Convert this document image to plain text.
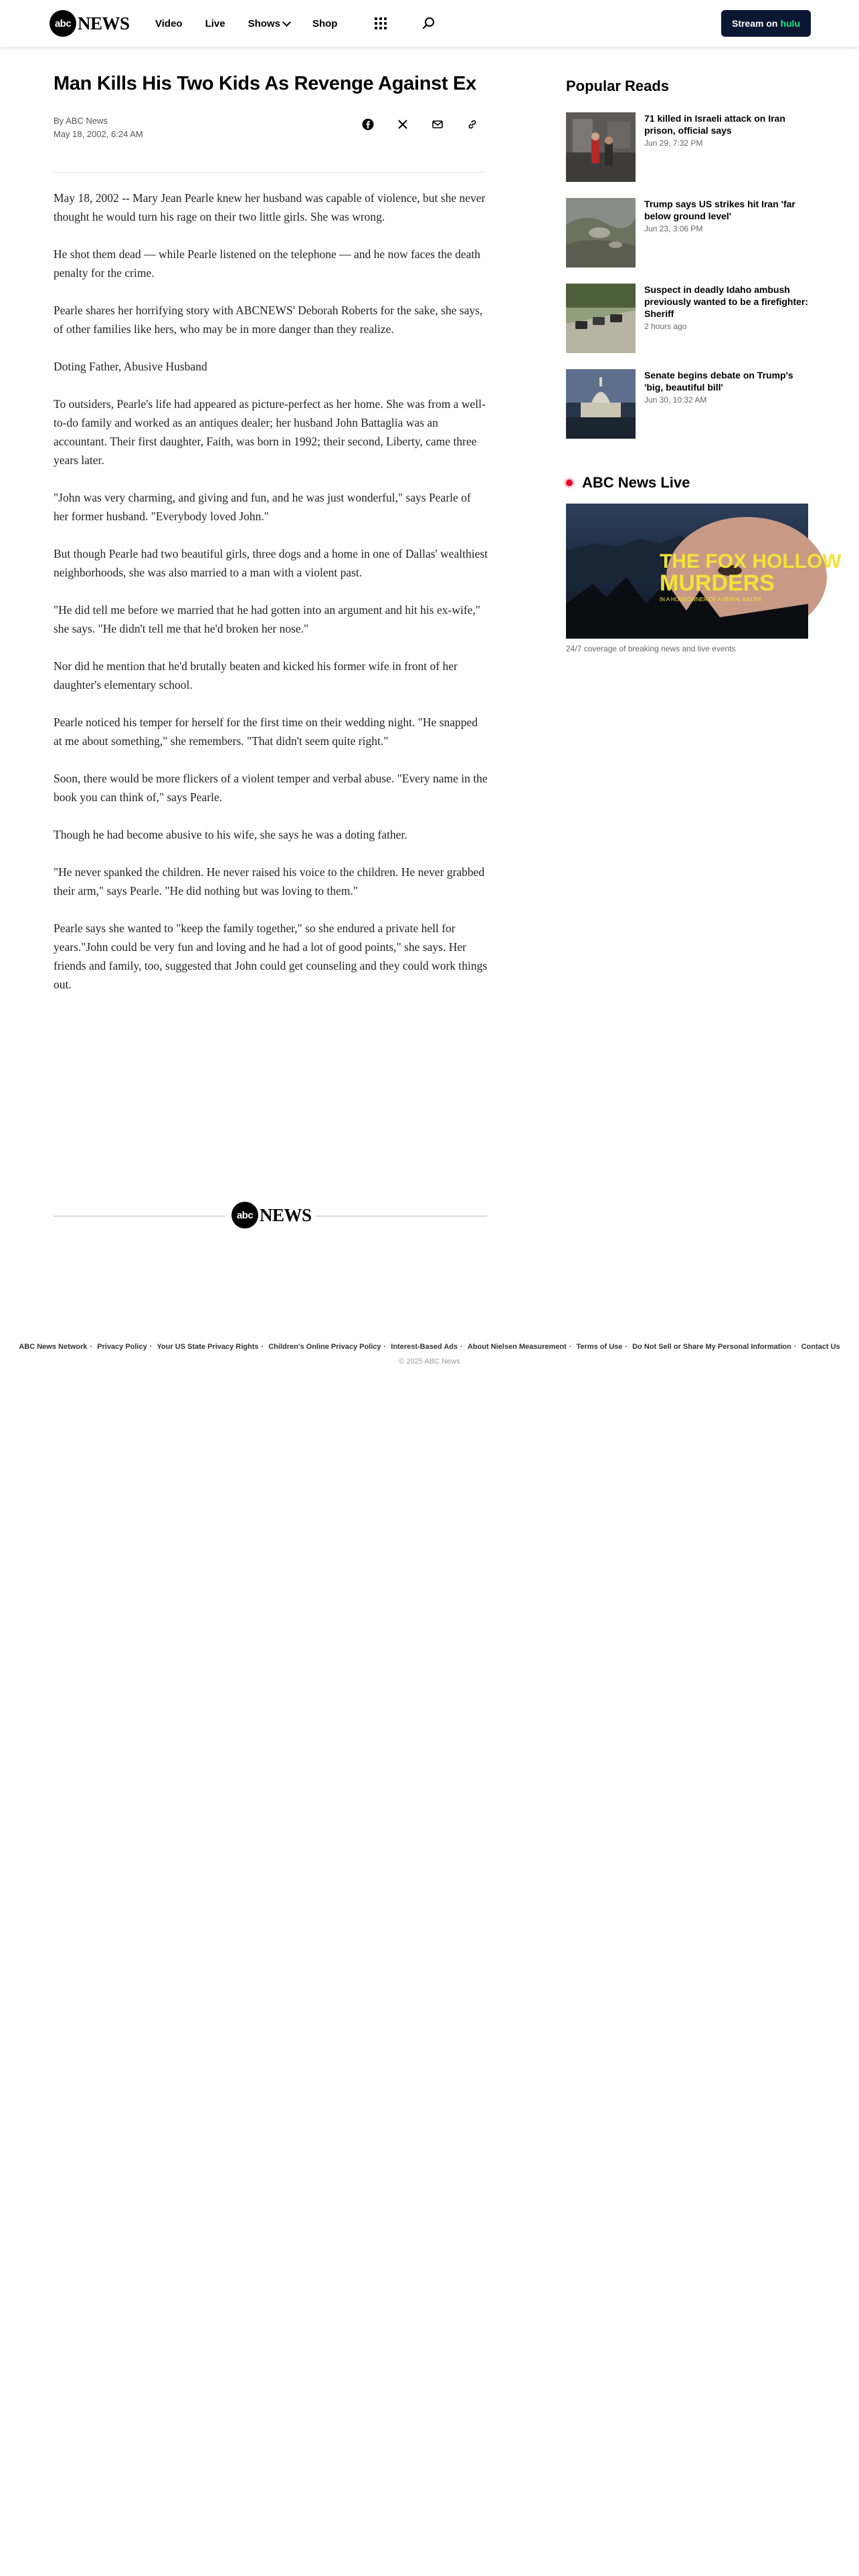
abc NEWS	Video Live Shows	Shop	Stream on hulu
Man Kills His Two Kids As Revenge Against Ex
By ABC News
May 18, 2002, 6:24 AM

May 18, 2002 -- Mary Jean Pearle knew her husband was capable of violence, but she never thought he would turn his rage on their two little girls. She was wrong.

He shot them dead — while Pearle listened on the telephone — and he now faces the death penalty for the crime.

Pearle shares her horrifying story with ABCNEWS' Deborah Roberts for the sake, she says, of other families like hers, who may be in more danger than they realize.

Doting Father, Abusive Husband

To outsiders, Pearle's life had appeared as picture-perfect as her home. She was from a well-to-do family and worked as an antiques dealer; her husband John Battaglia was an accountant. Their first daughter, Faith, was born in 1992; their second, Liberty, came three years later.

"John was very charming, and giving and fun, and he was just wonderful," says Pearle of her former husband. "Everybody loved John."

But though Pearle had two beautiful girls, three dogs and a home in one of Dallas' wealthiest neighborhoods, she was also married to a man with a violent past.

"He did tell me before we married that he had gotten into an argument and hit his ex-wife," she says. "He didn't tell me that he'd broken her nose."

Nor did he mention that he'd brutally beaten and kicked his former wife in front of her daughter's elementary school.

Pearle noticed his temper for herself for the first time on their wedding night. "He snapped at me about something," she remembers. "That didn't seem quite right."

Soon, there would be more flickers of a violent temper and verbal abuse. "Every name in the book you can think of," says Pearle.

Though he had become abusive to his wife, she says he was a doting father.

"He never spanked the children. He never raised his voice to the children. He never grabbed their arm," says Pearle. "He did nothing but was loving to them."

Pearle says she wanted to "keep the family together," so she endured a private hell for years."John could be very fun and loving and he had a lot of good points," she says. Her friends and family, too, suggested that John could get counseling and they could work things out.

abc NEWS
Popular Reads
71 killed in Israeli attack on Iran prison, official says
Jun 29, 7:32 PM
Trump says US strikes hit Iran 'far below ground level'
Jun 23, 3:06 PM
Suspect in deadly Idaho ambush previously wanted to be a firefighter: Sheriff
2 hours ago
Senate begins debate on Trump's 'big, beautiful bill'
Jun 30, 10:32 AM
ABC News Live
THE FOX HOLLOW
MURDERS
IN A HOMEOWNER OF A SERIAL KILLER
24/7 coverage of breaking news and live events
ABC News Network · Privacy Policy · Your US State Privacy Rights · Children's Online Privacy Policy · Interest-Based Ads · About Nielsen Measurement · Terms of Use · Do Not Sell or Share My Personal Information · Contact Us
© 2025 ABC News
